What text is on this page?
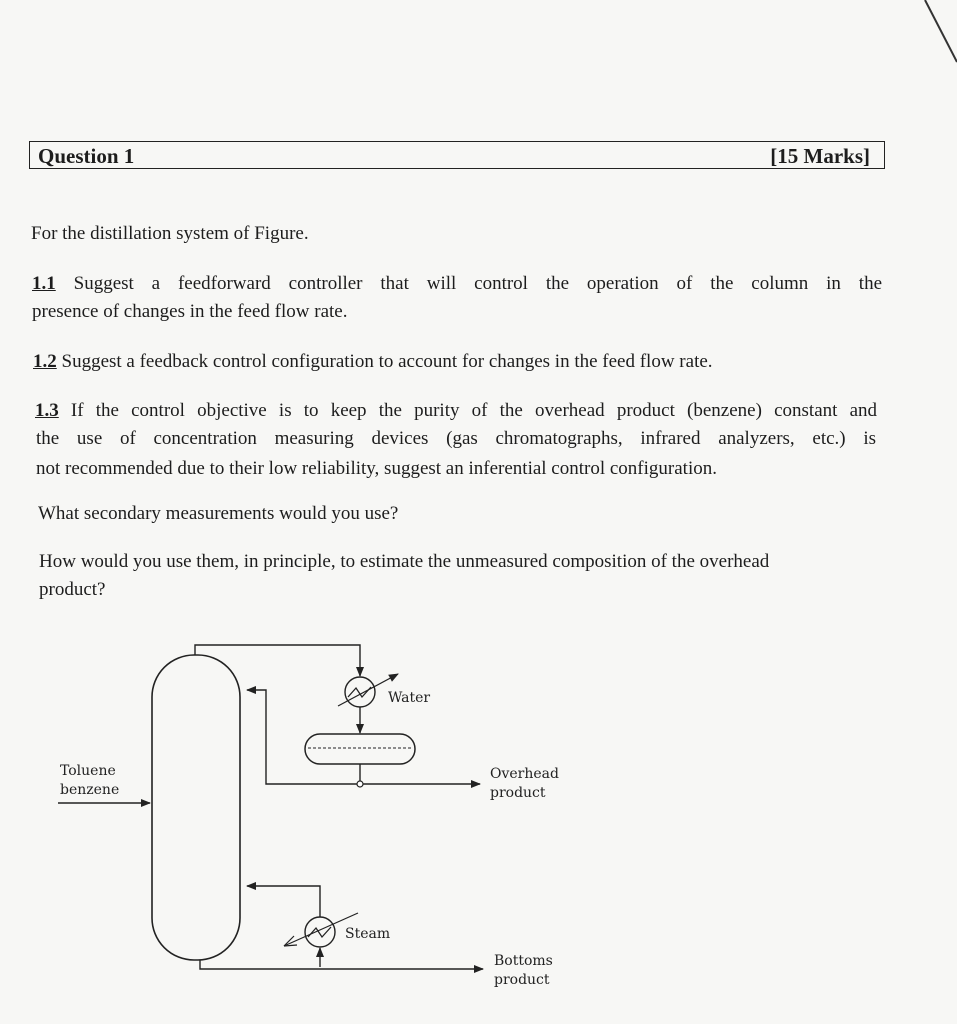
Question 1	[15 Marks]

For the distillation system of Figure.

1.1 Suggest a feedforward controller that will control the operation of the column in the

presence of changes in the feed flow rate.

1.2 Suggest a feedback control configuration to account for changes in the feed flow rate.
1.3 If the control objective is to keep the purity of the overhead product (benzene) constant and

the use of concentration measuring devices (gas chromatographs, infrared analyzers, etc.) is

not recommended due to their low reliability, suggest an inferential control configuration.

What secondary measurements would you use?

How would you use them, in principle, to estimate the unmeasured composition of the overhead

product?

Toluene
benzene
Water
Overhead
product
Steam
Bottoms
product
